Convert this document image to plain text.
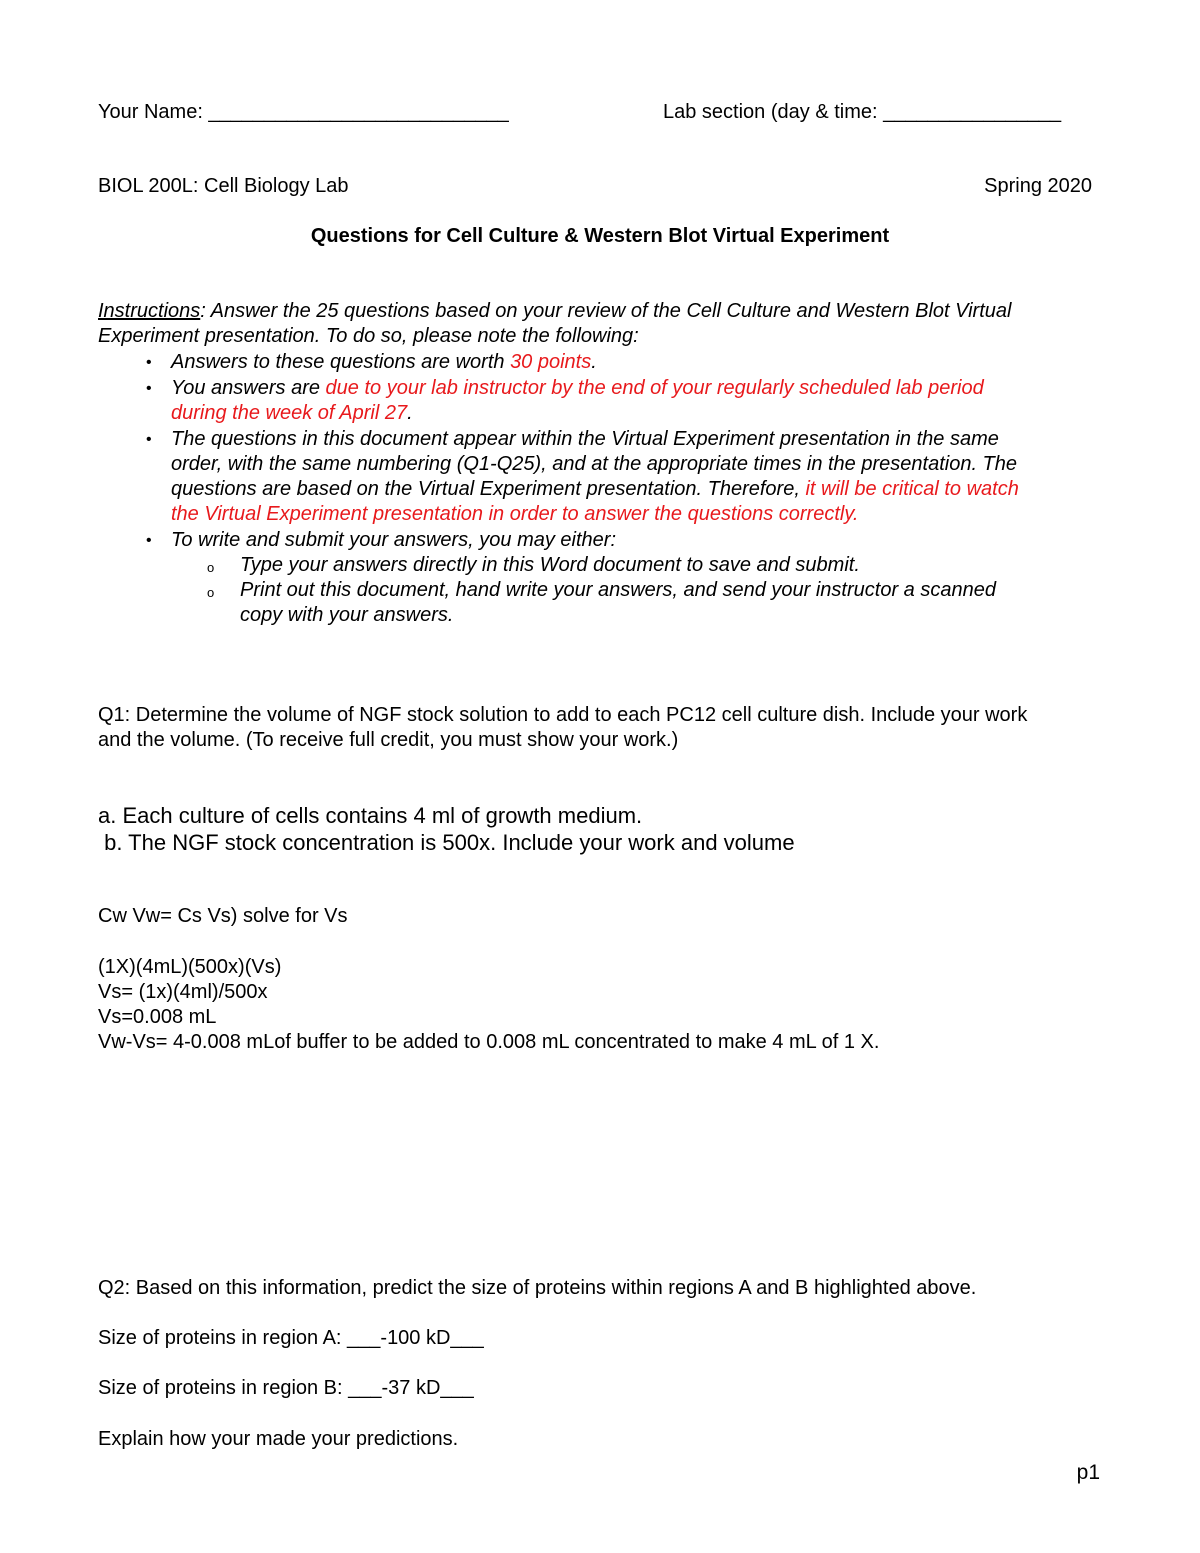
Your Name: ___________________________	Lab section (day & time: ________________
BIOL 200L: Cell Biology Lab	Spring 2020
Questions for Cell Culture & Western Blot Virtual Experiment
Instructions: Answer the 25 questions based on your review of the Cell Culture and Western Blot Virtual
Experiment presentation. To do so, please note the following:
• Answers to these questions are worth 30 points.
• You answers are due to your lab instructor by the end of your regularly scheduled lab period
during the week of April 27.
• The questions in this document appear within the Virtual Experiment presentation in the same
order, with the same numbering (Q1-Q25), and at the appropriate times in the presentation. The
questions are based on the Virtual Experiment presentation. Therefore, it will be critical to watch
the Virtual Experiment presentation in order to answer the questions correctly.
• To write and submit your answers, you may either:
o Type your answers directly in this Word document to save and submit.
o Print out this document, hand write your answers, and send your instructor a scanned
copy with your answers.
Q1: Determine the volume of NGF stock solution to add to each PC12 cell culture dish. Include your work
and the volume. (To receive full credit, you must show your work.)
a. Each culture of cells contains 4 ml of growth medium.
b. The NGF stock concentration is 500x. Include your work and volume
Cw Vw= Cs Vs) solve for Vs
(1X)(4mL)(500x)(Vs)
Vs= (1x)(4ml)/500x
Vs=0.008 mL
Vw-Vs= 4-0.008 mLof buffer to be added to 0.008 mL concentrated to make 4 mL of 1 X.
Q2: Based on this information, predict the size of proteins within regions A and B highlighted above.
Size of proteins in region A: ___-100 kD___
Size of proteins in region B: ___-37 kD___
Explain how your made your predictions.
p1
